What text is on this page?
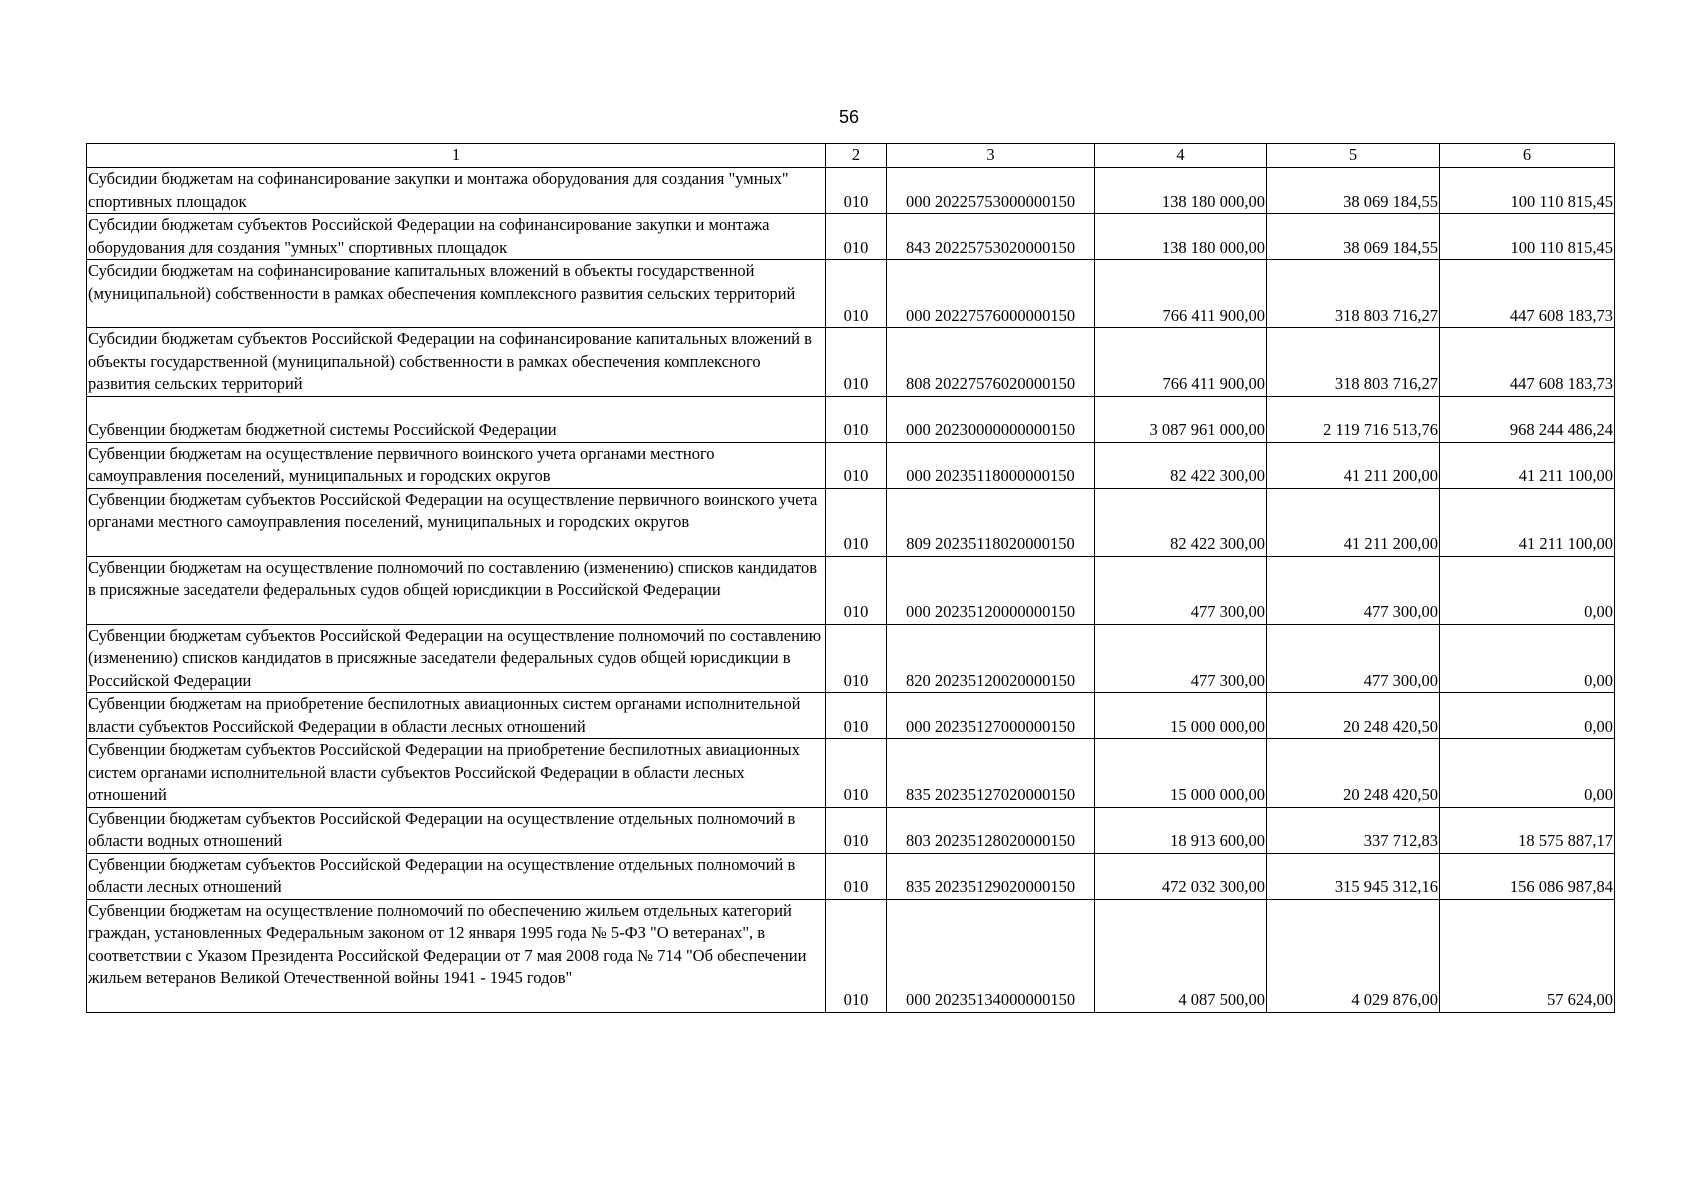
56
1	2	3	4	5	6
Субсидии бюджетам на софинансирование закупки и монтажа оборудования для создания "умных" спортивных площадок	010	000 20225753000000150	138 180 000,00	38 069 184,55	100 110 815,45
Субсидии бюджетам субъектов Российской Федерации на софинансирование закупки и монтажа оборудования для создания "умных" спортивных площадок	010	843 20225753020000150	138 180 000,00	38 069 184,55	100 110 815,45
Субсидии бюджетам на софинансирование капитальных вложений в объекты государственной (муниципальной) собственности в рамках обеспечения комплексного развития сельских территорий	010	000 20227576000000150	766 411 900,00	318 803 716,27	447 608 183,73
Субсидии бюджетам субъектов Российской Федерации на софинансирование капитальных вложений в объекты государственной (муниципальной) собственности в рамках обеспечения комплексного развития сельских территорий	010	808 20227576020000150	766 411 900,00	318 803 716,27	447 608 183,73
Субвенции бюджетам бюджетной системы Российской Федерации	010	000 20230000000000150	3 087 961 000,00	2 119 716 513,76	968 244 486,24
Субвенции бюджетам на осуществление первичного воинского учета органами местного самоуправления поселений, муниципальных и городских округов	010	000 20235118000000150	82 422 300,00	41 211 200,00	41 211 100,00
Субвенции бюджетам субъектов Российской Федерации на осуществление первичного воинского учета органами местного самоуправления поселений, муниципальных и городских округов	010	809 20235118020000150	82 422 300,00	41 211 200,00	41 211 100,00
Субвенции бюджетам на осуществление полномочий по составлению (изменению) списков кандидатов в присяжные заседатели федеральных судов общей юрисдикции в Российской Федерации	010	000 20235120000000150	477 300,00	477 300,00	0,00
Субвенции бюджетам субъектов Российской Федерации на осуществление полномочий по составлению (изменению) списков кандидатов в присяжные заседатели федеральных судов общей юрисдикции в Российской Федерации	010	820 20235120020000150	477 300,00	477 300,00	0,00
Субвенции бюджетам на приобретение беспилотных авиационных систем органами исполнительной власти субъектов Российской Федерации в области лесных отношений	010	000 20235127000000150	15 000 000,00	20 248 420,50	0,00
Субвенции бюджетам субъектов Российской Федерации на приобретение беспилотных авиационных систем органами исполнительной власти субъектов Российской Федерации в области лесных отношений	010	835 20235127020000150	15 000 000,00	20 248 420,50	0,00
Субвенции бюджетам субъектов Российской Федерации на осуществление отдельных полномочий в области водных отношений	010	803 20235128020000150	18 913 600,00	337 712,83	18 575 887,17
Субвенции бюджетам субъектов Российской Федерации на осуществление отдельных полномочий в области лесных отношений	010	835 20235129020000150	472 032 300,00	315 945 312,16	156 086 987,84
Субвенции бюджетам на осуществление полномочий по обеспечению жильем отдельных категорий граждан, установленных Федеральным законом от 12 января 1995 года № 5-ФЗ "О ветеранах", в соответствии с Указом Президента Российской Федерации от 7 мая 2008 года № 714 "Об обеспечении жильем ветеранов Великой Отечественной войны 1941 - 1945 годов"	010	000 20235134000000150	4 087 500,00	4 029 876,00	57 624,00
